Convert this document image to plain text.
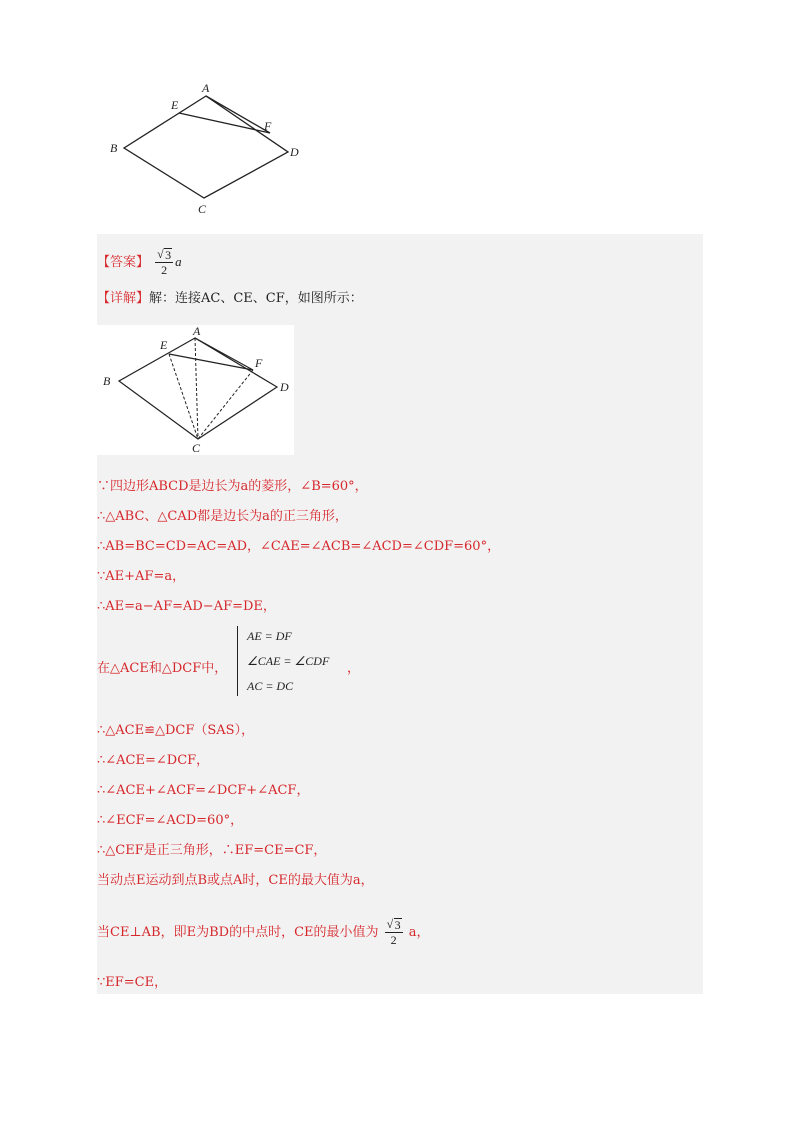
A
E
F
B	D
C
【答案】 $\frac{√ 3}{2}$ a
【详解】解：连接AC、CE、CF，如图所示：
A
E
F
B	D
C
∵四边形ABCD是边长为a的菱形，∠B=60°，
∴△ABC、△CAD都是边长为a的正三角形，
∴AB=BC=CD=AC=AD，∠CAE=∠ACB=∠ACD=∠CDF=60°，
∵AE+AF=a，
∴AE=a−AF=AD−AF=DE，
在△ACE和△DCF中，
AE = DF
∠CAE = ∠CDF
AC = DC
，
∴△ACE≌△DCF（SAS），
∴∠ACE=∠DCF，
∴∠ACE+∠ACF=∠DCF+∠ACF，
∴∠ECF=∠ACD=60°，
∴△CEF是正三角形，∴EF=CE=CF，
当动点E运动到点B或点A时，CE的最大值为a，
当CE⊥AB，即E为BD的中点时，CE的最小值为 $\frac{√ 3}{2}$ a，
∵EF=CE，
